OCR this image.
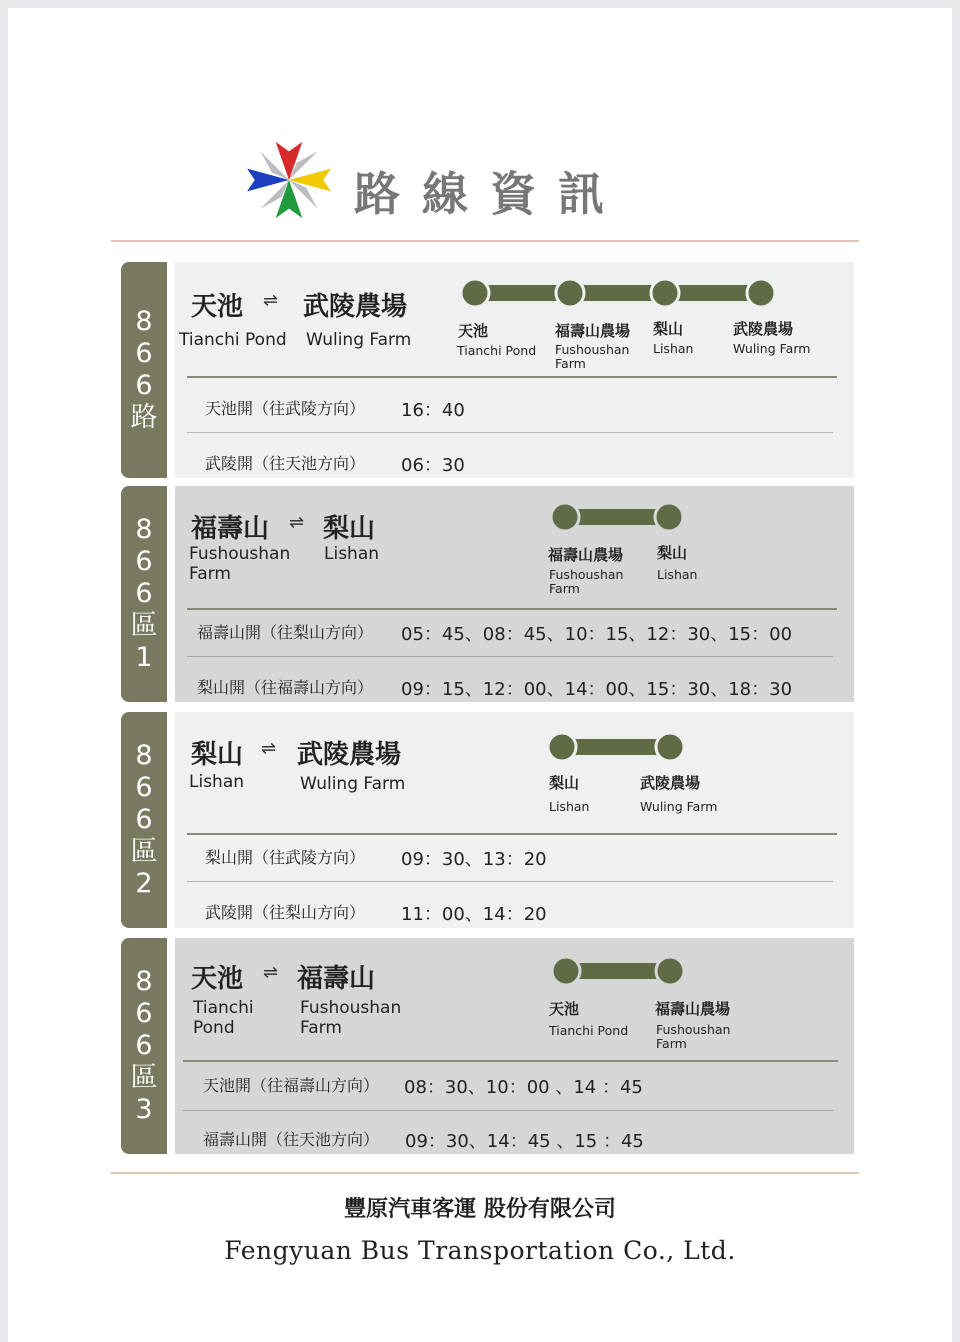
路線資訊
8
6
6
路
天池 ⇌ 武陵農場
Tianchi Pond Wuling Farm	天池
Tianchi Pond
福壽山農場
Fushoushan Farm
梨山
Lishan
武陵農場
Wuling Farm
天池開（往武陵方向） 16：40
武陵開（往天池方向） 06：30
8
6
6
區
1
福壽山 ⇌ 梨山
Fushoushan Farm
Lishan	福壽山農場
Fushoushan Farm
梨山
Lishan
福壽山開（往梨山方向） 05：45、08：45、10：15、12：30、15：00
梨山開（往福壽山方向） 09：15、12：00、14：00、15：30、18：30
8
6
6
區
2
梨山 ⇌ 武陵農場
Lishan	Wuling Farm	梨山
Lishan
武陵農場
Wuling Farm
梨山開（往武陵方向） 09：30、13：20
武陵開（往梨山方向） 11：00、14：20
8
6
6
區
3
天池 ⇌ 福壽山
Tianchi Pond
Fushoushan Farm
天池
Tianchi Pond
福壽山農場
Fushoushan Farm
天池開（往福壽山方向） 08：30、10：00 、14 ：45
福壽山開（往天池方向） 09：30、14：45 、15 ：45
豐原汽車客運 股份有限公司
Fengyuan Bus Transportation Co., Ltd.
